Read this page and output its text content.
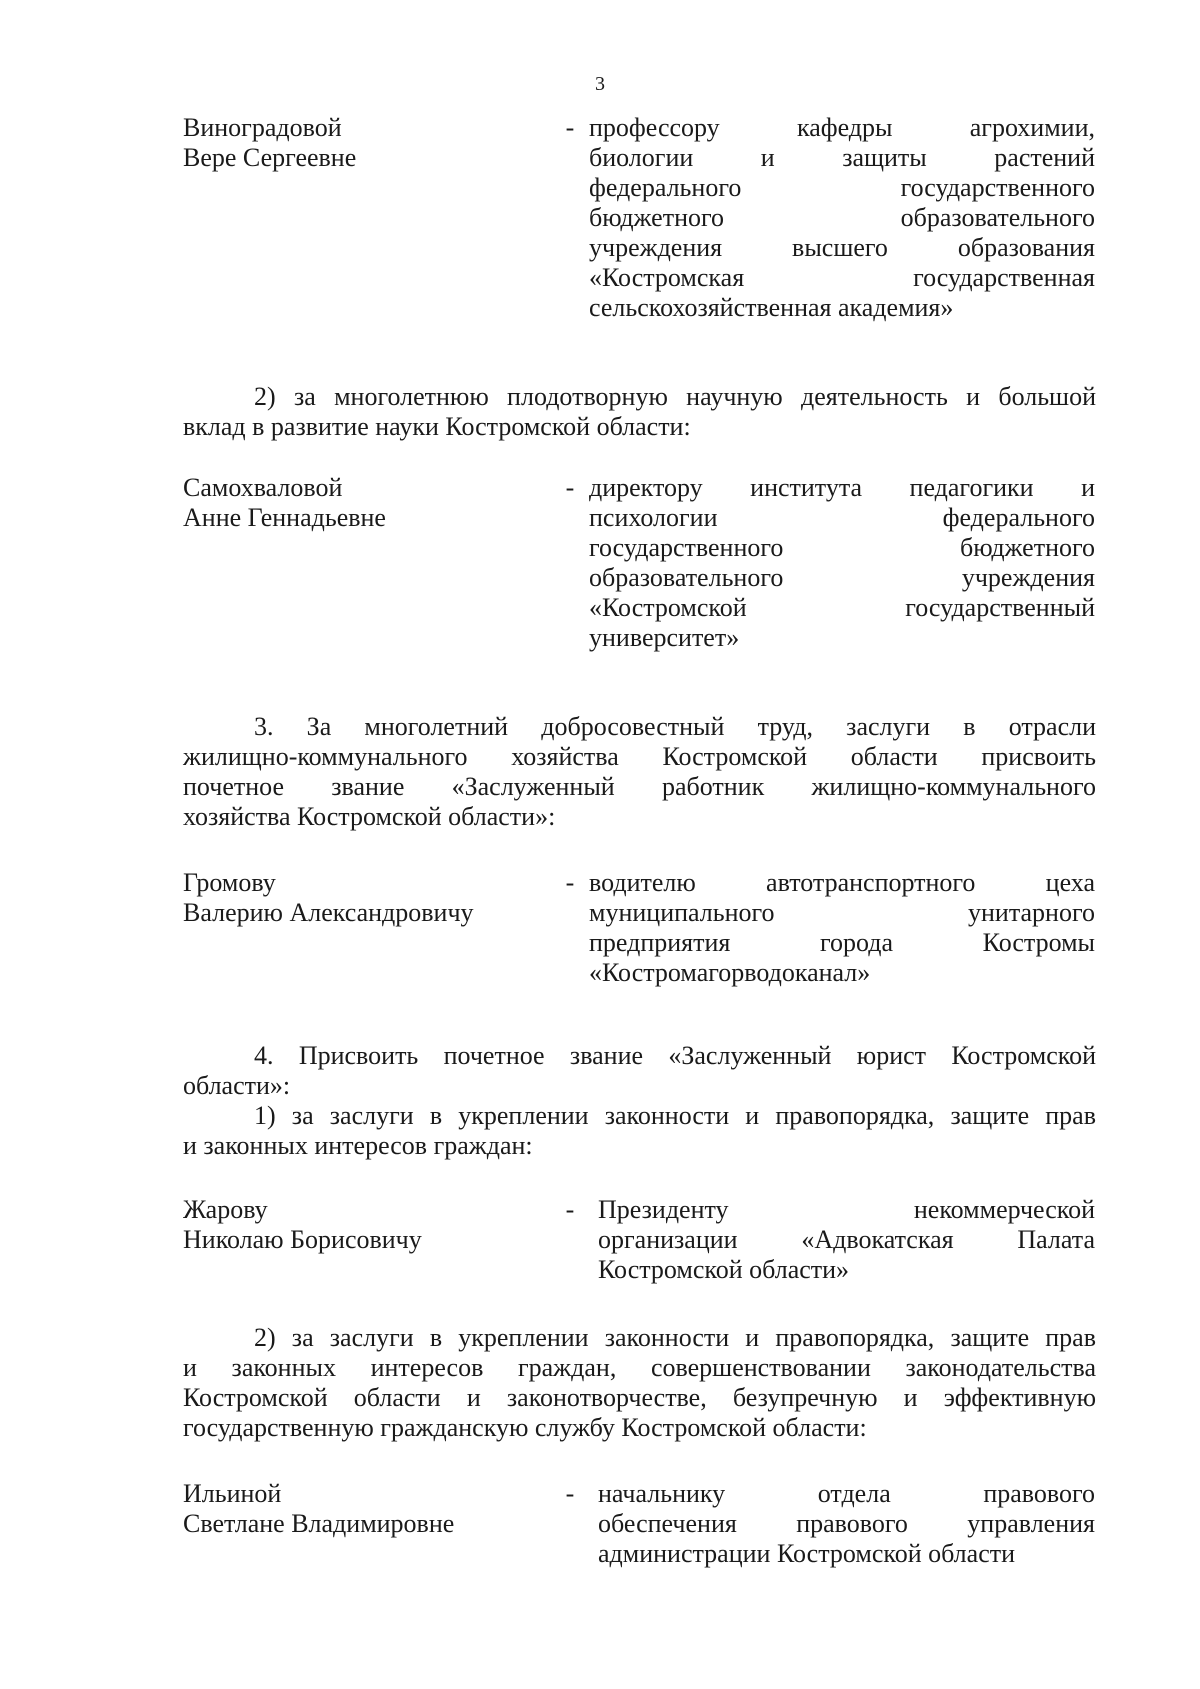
3
Виноградовой
Вере Сергеевне
- профессору кафедры агрохимии,
биологии и защиты растений
федерального государственного
бюджетного образовательного
учреждения высшего образования
«Костромская государственная
сельскохозяйственная академия»
2) за многолетнюю плодотворную научную деятельность и большой
вклад в развитие науки Костромской области:
Самохваловой
Анне Геннадьевне
- директору института педагогики и
психологии федерального
государственного бюджетного
образовательного учреждения
«Костромской государственный
университет»
3. За многолетний добросовестный труд, заслуги в отрасли
жилищно-коммунального хозяйства Костромской области присвоить
почетное звание «Заслуженный работник жилищно-коммунального
хозяйства Костромской области»:
Громову
Валерию Александровичу
- водителю автотранспортного цеха
муниципального унитарного
предприятия города Костромы
«Костромагорводоканал»
4. Присвоить почетное звание «Заслуженный юрист Костромской
области»:
1) за заслуги в укреплении законности и правопорядка, защите прав
и законных интересов граждан:
Жарову
Николаю Борисовичу
- Президенту некоммерческой
организации «Адвокатская Палата
Костромской области»
2) за заслуги в укреплении законности и правопорядка, защите прав
и законных интересов граждан, совершенствовании законодательства
Костромской области и законотворчестве, безупречную и эффективную
государственную гражданскую службу Костромской области:
Ильиной
Светлане Владимировне
- начальнику отдела правового
обеспечения правового управления
администрации Костромской области
